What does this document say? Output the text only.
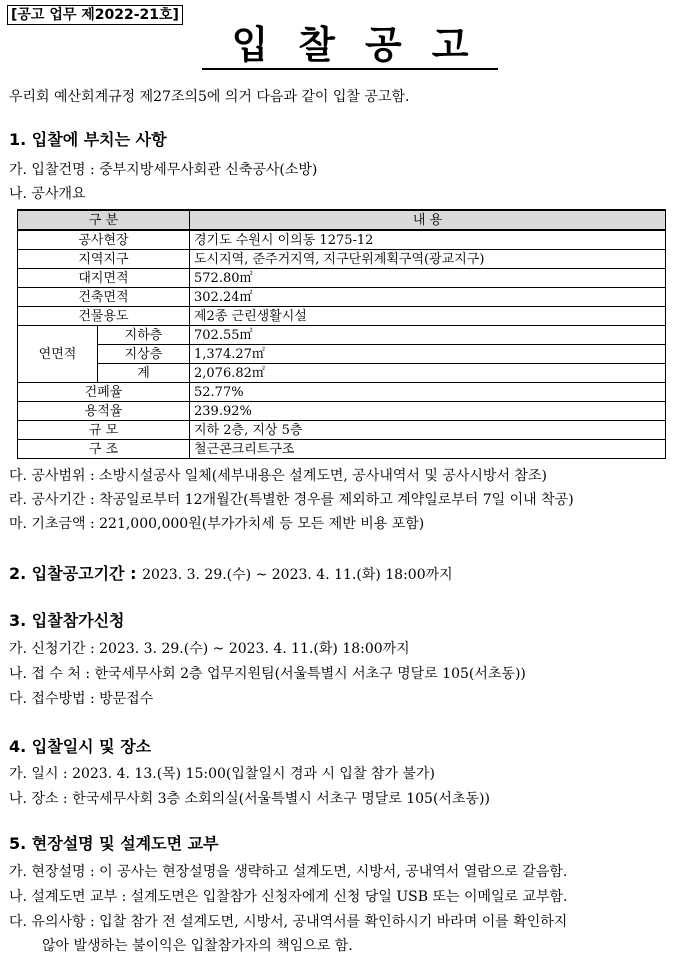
[공고 업무 제2022-21호]
입찰공고
우리회 예산회계규정 제27조의5에 의거 다음과 같이 입찰 공고함.
1. 입찰에 부치는 사항
가. 입찰건명 : 중부지방세무사회관 신축공사(소방)
나. 공사개요
구 분		내 용
공사현장		경기도 수원시 이의동 1275-12
지역지구		도시지역, 준주거지역, 지구단위계획구역(광교지구)
대지면적		572.80㎡
건축면적		302.24㎡
건물용도		제2종 근린생활시설
연면적	지하층	702.55㎡
	지상층	1,374.27㎡
	계	2,076.82㎡
건폐율		52.77%
용적율		239.92%
규 모		지하 2층, 지상 5층
구 조		철근콘크리트구조
다. 공사범위 : 소방시설공사 일체(세부내용은 설계도면, 공사내역서 및 공사시방서 참조)
라. 공사기간 : 착공일로부터 12개월간(특별한 경우를 제외하고 계약일로부터 7일 이내 착공)
마. 기초금액 : 221,000,000원(부가가치세 등 모든 제반 비용 포함)
2. 입찰공고기간 : 2023. 3. 29.(수) ~ 2023. 4. 11.(화) 18:00까지
3. 입찰참가신청
가. 신청기간 : 2023. 3. 29.(수) ~ 2023. 4. 11.(화) 18:00까지
나. 접 수 처 : 한국세무사회 2층 업무지원팀(서울특별시 서초구 명달로 105(서초동))
다. 접수방법 : 방문접수
4. 입찰일시 및 장소
가. 일시 : 2023. 4. 13.(목) 15:00(입찰일시 경과 시 입찰 참가 불가)
나. 장소 : 한국세무사회 3층 소회의실(서울특별시 서초구 명달로 105(서초동))
5. 현장설명 및 설계도면 교부
가. 현장설명 : 이 공사는 현장설명을 생략하고 설계도면, 시방서, 공내역서 열람으로 갈음함.
나. 설계도면 교부 : 설계도면은 입찰참가 신청자에게 신청 당일 USB 또는 이메일로 교부함.
다. 유의사항 : 입찰 참가 전 설계도면, 시방서, 공내역서를 확인하시기 바라며 이를 확인하지
않아 발생하는 불이익은 입찰참가자의 책임으로 함.
